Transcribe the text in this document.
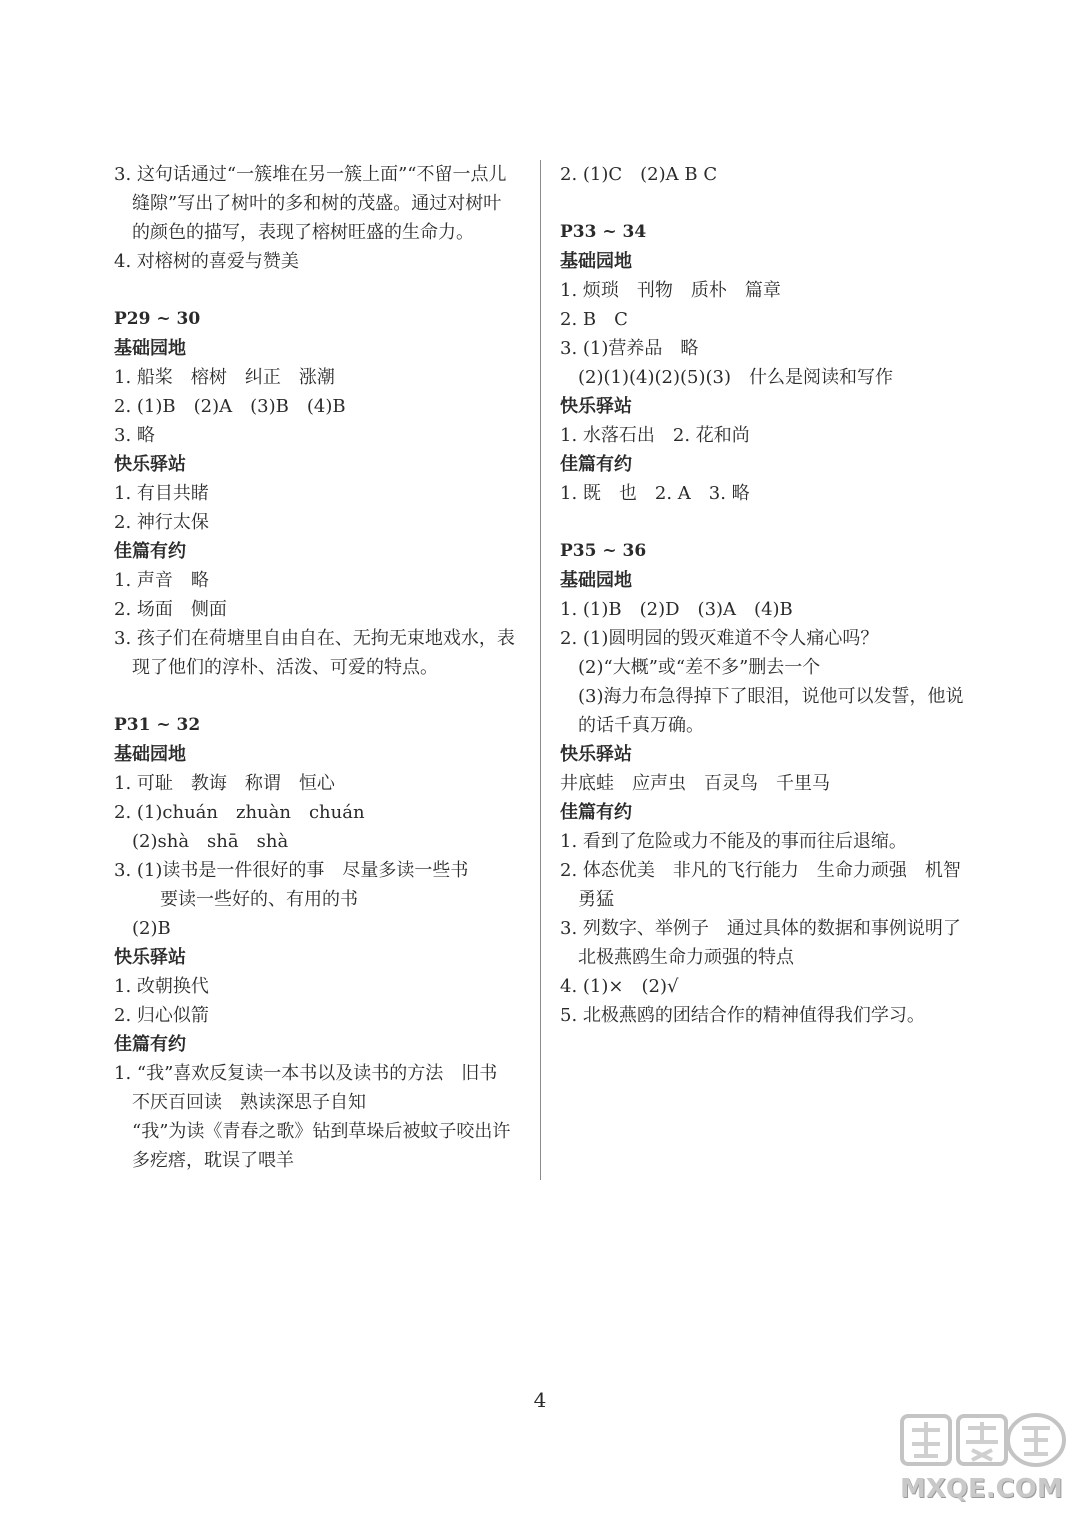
3. 这句话通过“一簇堆在另一簇上面”“不留一点儿
缝隙”写出了树叶的多和树的茂盛。通过对树叶
的颜色的描写，表现了榕树旺盛的生命力。
4. 对榕树的喜爱与赞美
P29 ~ 30
基础园地
1. 船桨　榕树　纠正　涨潮
2. (1)B　(2)A　(3)B　(4)B
3. 略
快乐驿站
1. 有目共睹
2. 神行太保
佳篇有约
1. 声音　略
2. 场面　侧面
3. 孩子们在荷塘里自由自在、无拘无束地戏水，表
现了他们的淳朴、活泼、可爱的特点。
P31 ~ 32
基础园地
1. 可耻　教诲　称谓　恒心
2. (1)chuán　zhuàn　chuán
(2)shà　shā　shà
3. (1)读书是一件很好的事　尽量多读一些书
要读一些好的、有用的书
(2)B
快乐驿站
1. 改朝换代
2. 归心似箭
佳篇有约
1. “我”喜欢反复读一本书以及读书的方法　旧书
不厌百回读　熟读深思子自知
“我”为读《青春之歌》钻到草垛后被蚊子咬出许
多疙瘩，耽误了喂羊
2. (1)C　(2)A B C
P33 ~ 34
基础园地
1. 烦琐　刊物　质朴　篇章
2. B　C
3. (1)营养品　略
(2)(1)(4)(2)(5)(3)　什么是阅读和写作
快乐驿站
1. 水落石出　2. 花和尚
佳篇有约
1. 既　也　2. A　3. 略
P35 ~ 36
基础园地
1. (1)B　(2)D　(3)A　(4)B
2. (1)圆明园的毁灭难道不令人痛心吗？
(2)“大概”或“差不多”删去一个
(3)海力布急得掉下了眼泪，说他可以发誓，他说
的话千真万确。
快乐驿站
井底蛙　应声虫　百灵鸟　千里马
佳篇有约
1. 看到了危险或力不能及的事而往后退缩。
2. 体态优美　非凡的飞行能力　生命力顽强　机智
勇猛
3. 列数字、举例子　通过具体的数据和事例说明了
北极燕鸥生命力顽强的特点
4. (1)×　(2)√
5. 北极燕鸥的团结合作的精神值得我们学习。
4
MXQE.COM
